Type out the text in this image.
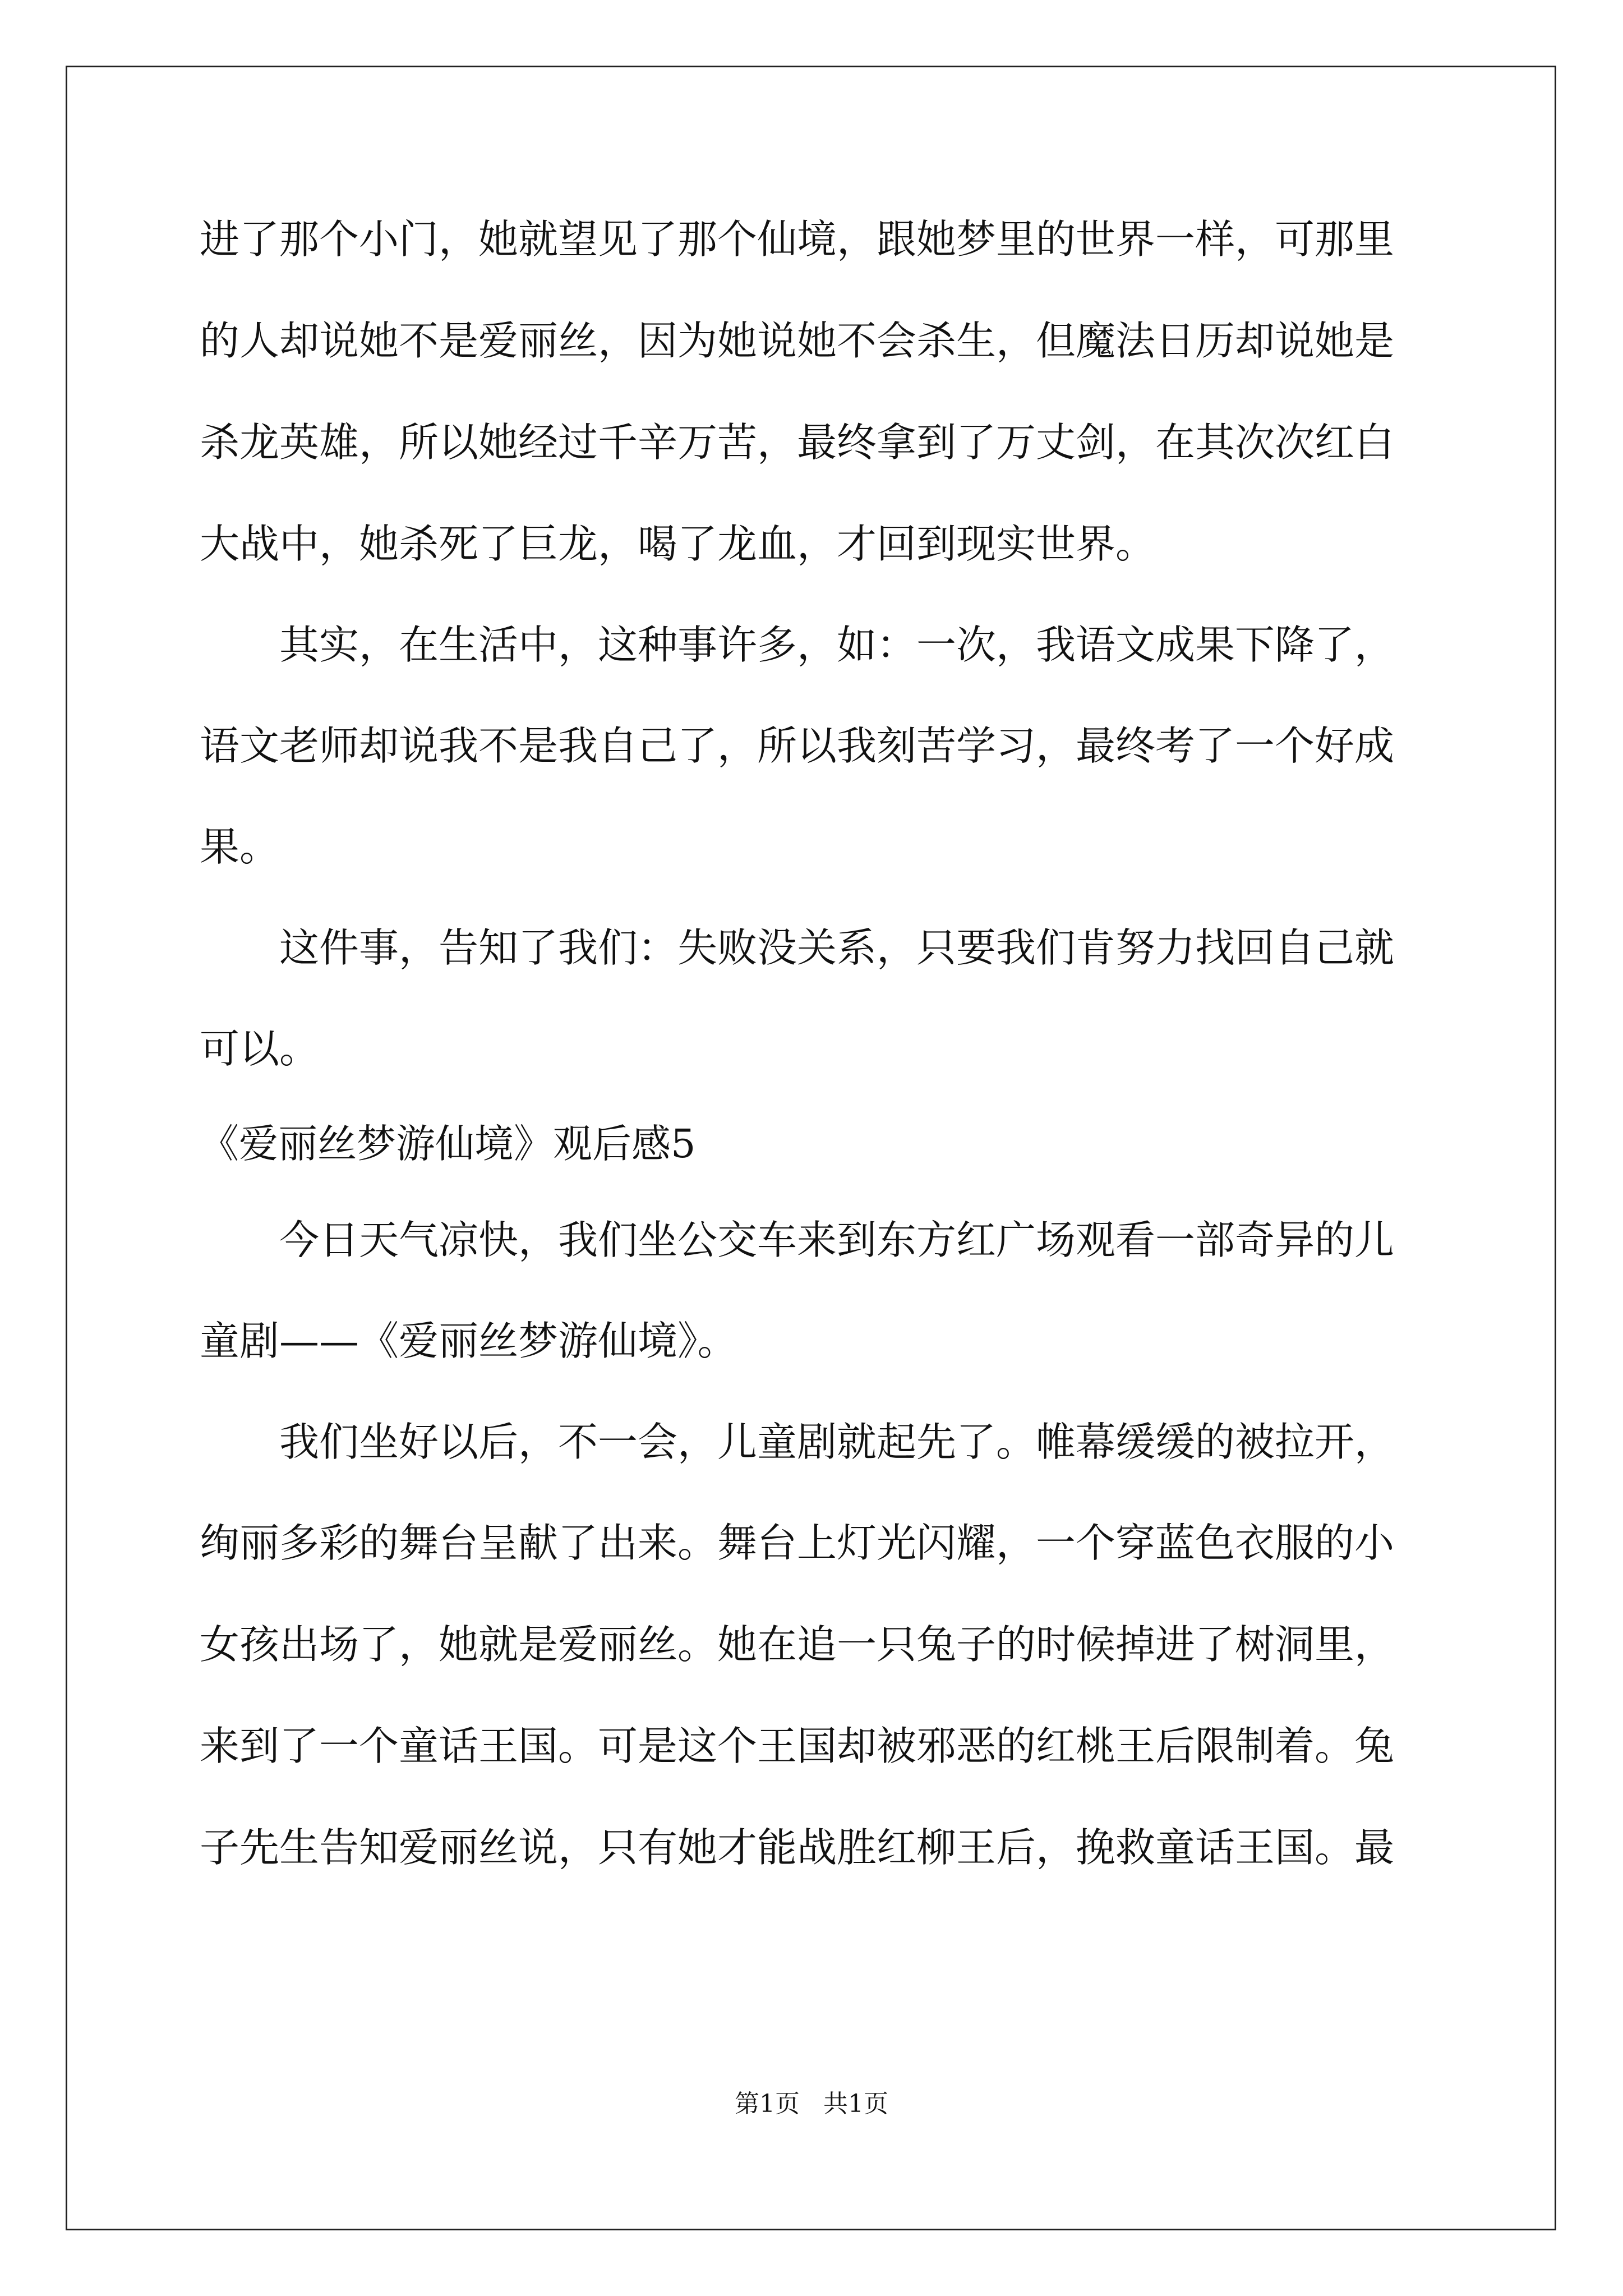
进了那个小门，她就望见了那个仙境，跟她梦里的世界一样，可那里

的人却说她不是爱丽丝，因为她说她不会杀生，但魔法日历却说她是

杀龙英雄，所以她经过千辛万苦，最终拿到了万丈剑，在其次次红白

大战中，她杀死了巨龙，喝了龙血，才回到现实世界。

其实，在生活中，这种事许多，如：一次，我语文成果下降了，

语文老师却说我不是我自己了，所以我刻苦学习，最终考了一个好成

果。

这件事，告知了我们：失败没关系，只要我们肯努力找回自己就

可以。

《爱丽丝梦游仙境》观后感5

今日天气凉快，我们坐公交车来到东方红广场观看一部奇异的儿

童剧——《爱丽丝梦游仙境》。

我们坐好以后，不一会，儿童剧就起先了。帷幕缓缓的被拉开，

绚丽多彩的舞台呈献了出来。舞台上灯光闪耀，一个穿蓝色衣服的小

女孩出场了，她就是爱丽丝。她在追一只兔子的时候掉进了树洞里，

来到了一个童话王国。可是这个王国却被邪恶的红桃王后限制着。兔

子先生告知爱丽丝说，只有她才能战胜红柳王后，挽救童话王国。最

第1页   共1页
